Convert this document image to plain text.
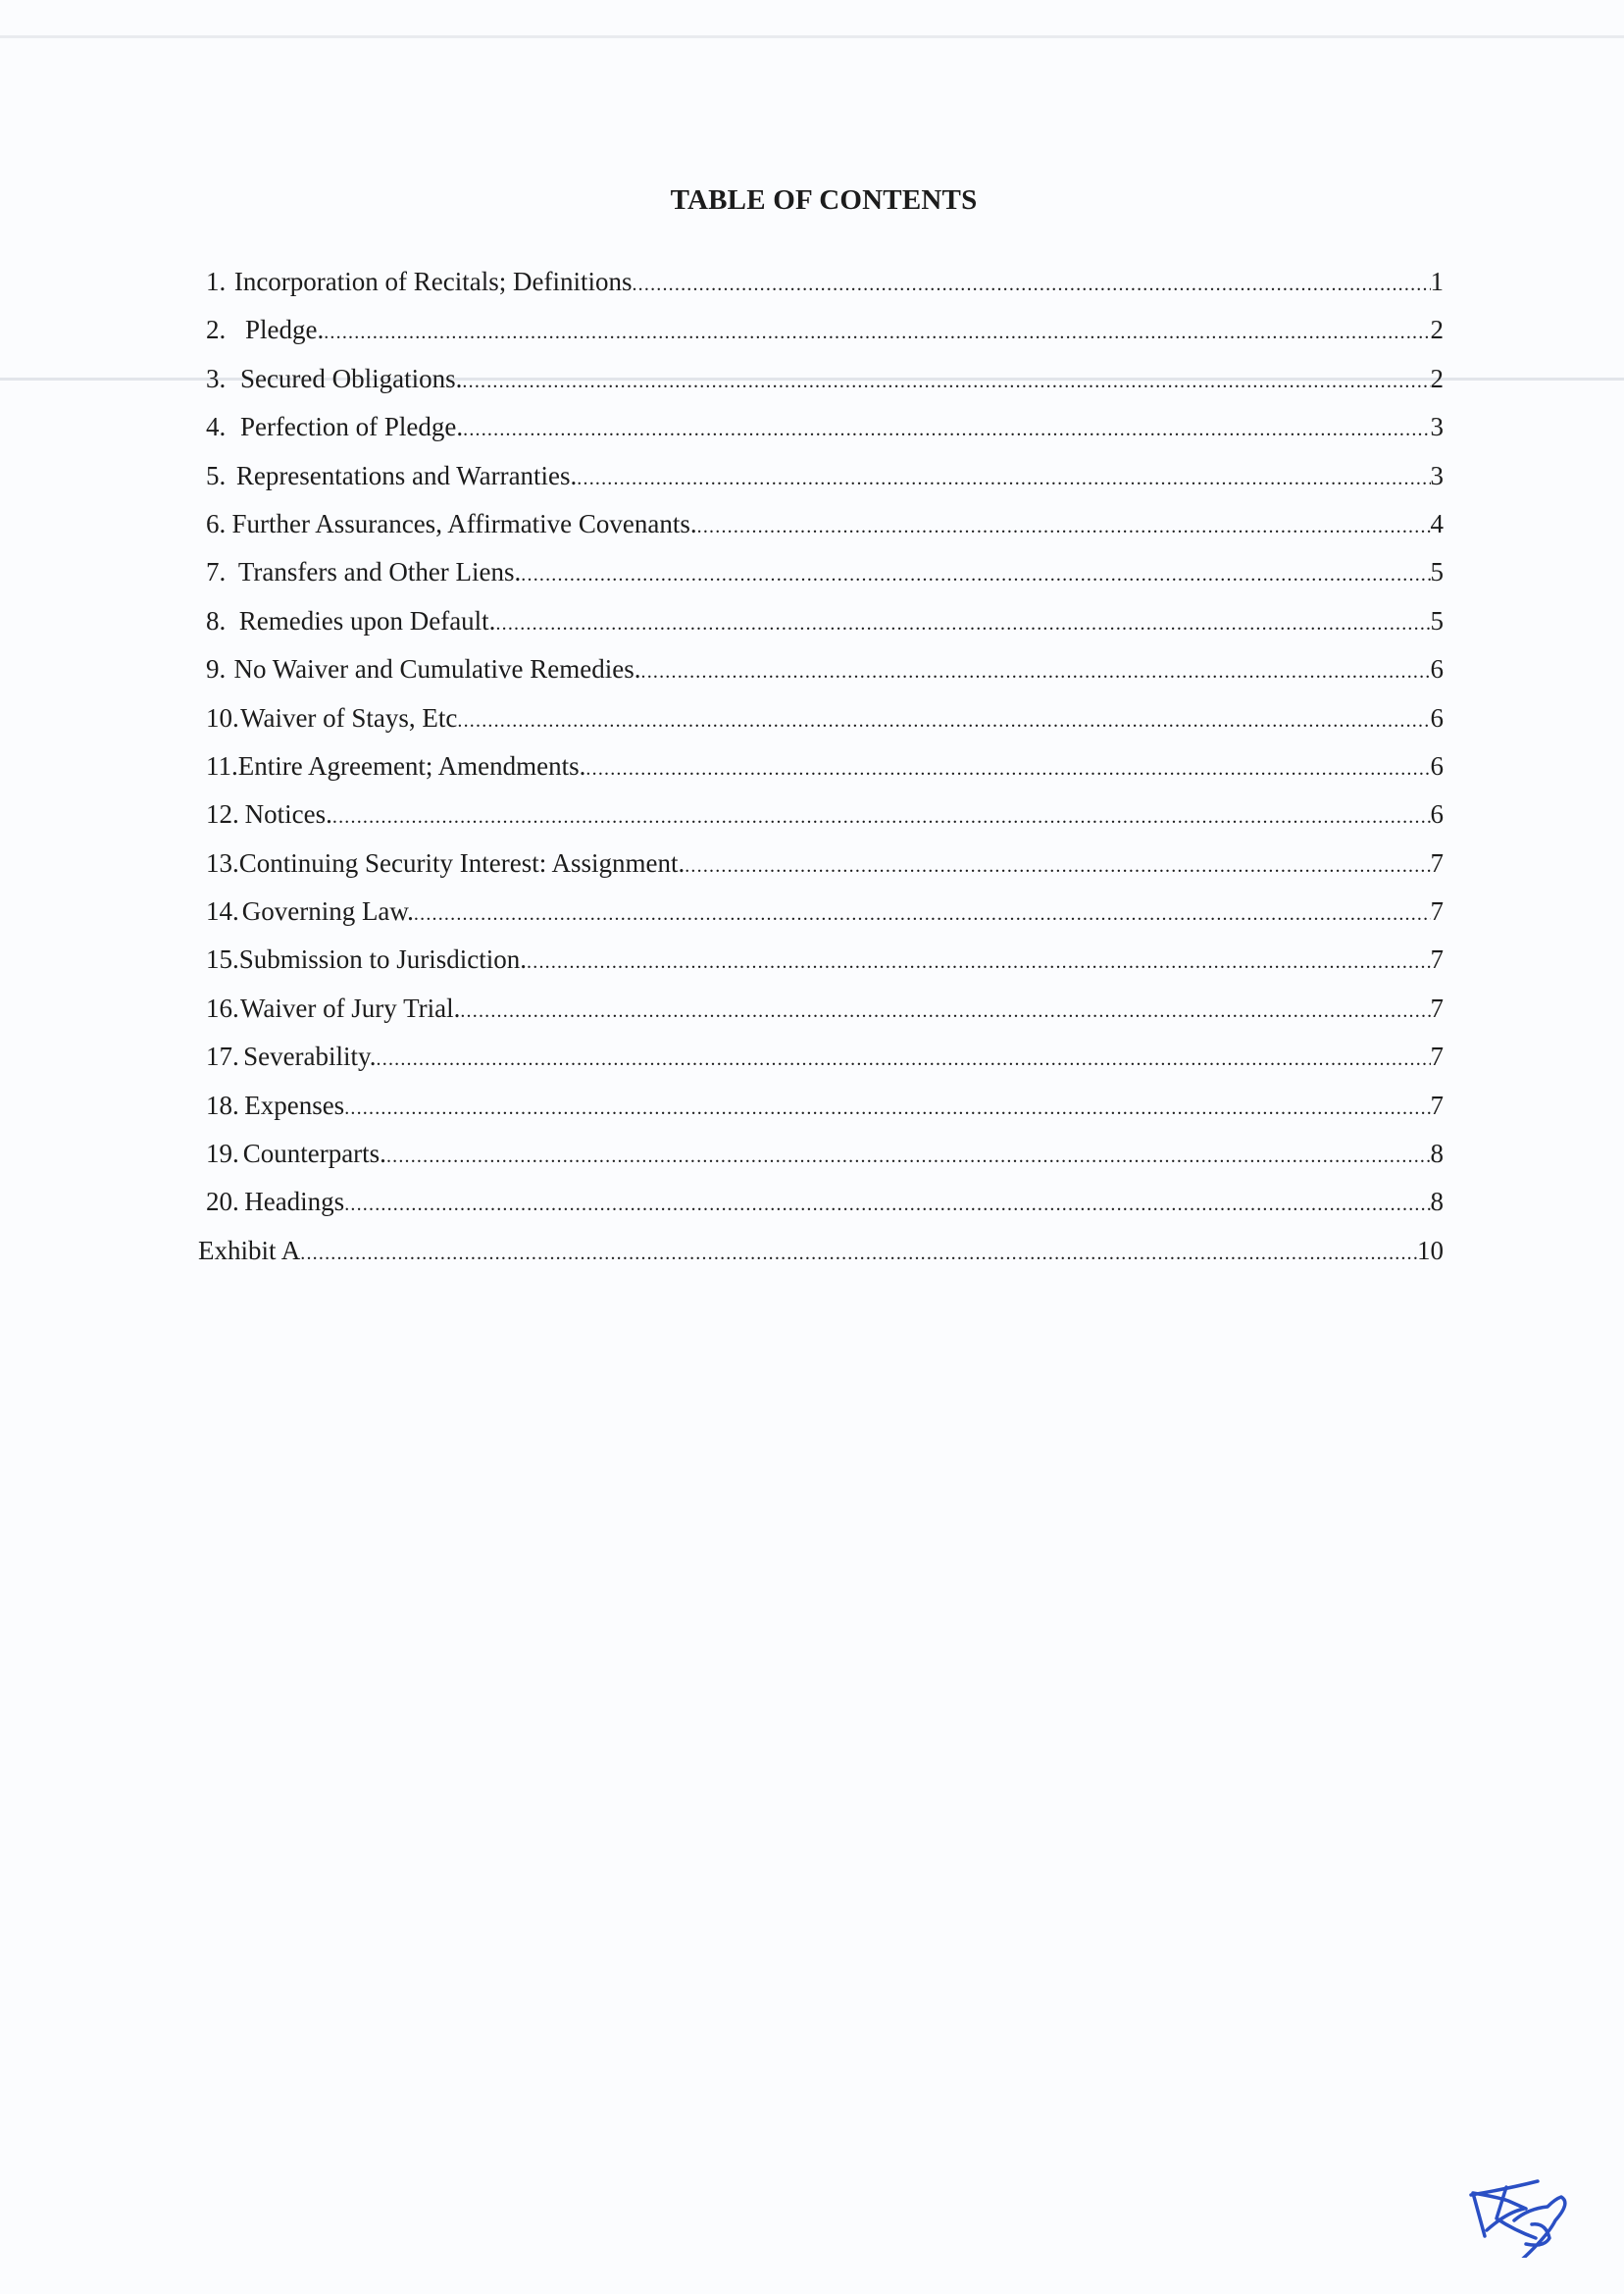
TABLE OF CONTENTS
1. Incorporation of Recitals; Definitions .....	1
2. Pledge. .....	2
3. Secured Obligations. .....	2
4. Perfection of Pledge. .....	3
5. Representations and Warranties. .....	3
6. Further Assurances, Affirmative Covenants. .....	4
7. Transfers and Other Liens. .....	5
8. Remedies upon Default. .....	5
9. No Waiver and Cumulative Remedies. .....	6
10. Waiver of Stays, Etc .....	6
11. Entire Agreement; Amendments. .....	6
12. Notices. .....	6
13. Continuing Security Interest: Assignment. .....	7
14. Governing Law. .....	7
15. Submission to Jurisdiction. .....	7
16. Waiver of Jury Trial. .....	7
17. Severability. .....	7
18. Expenses .....	7
19. Counterparts. .....	8
20. Headings .....	8
Exhibit A .....	10
